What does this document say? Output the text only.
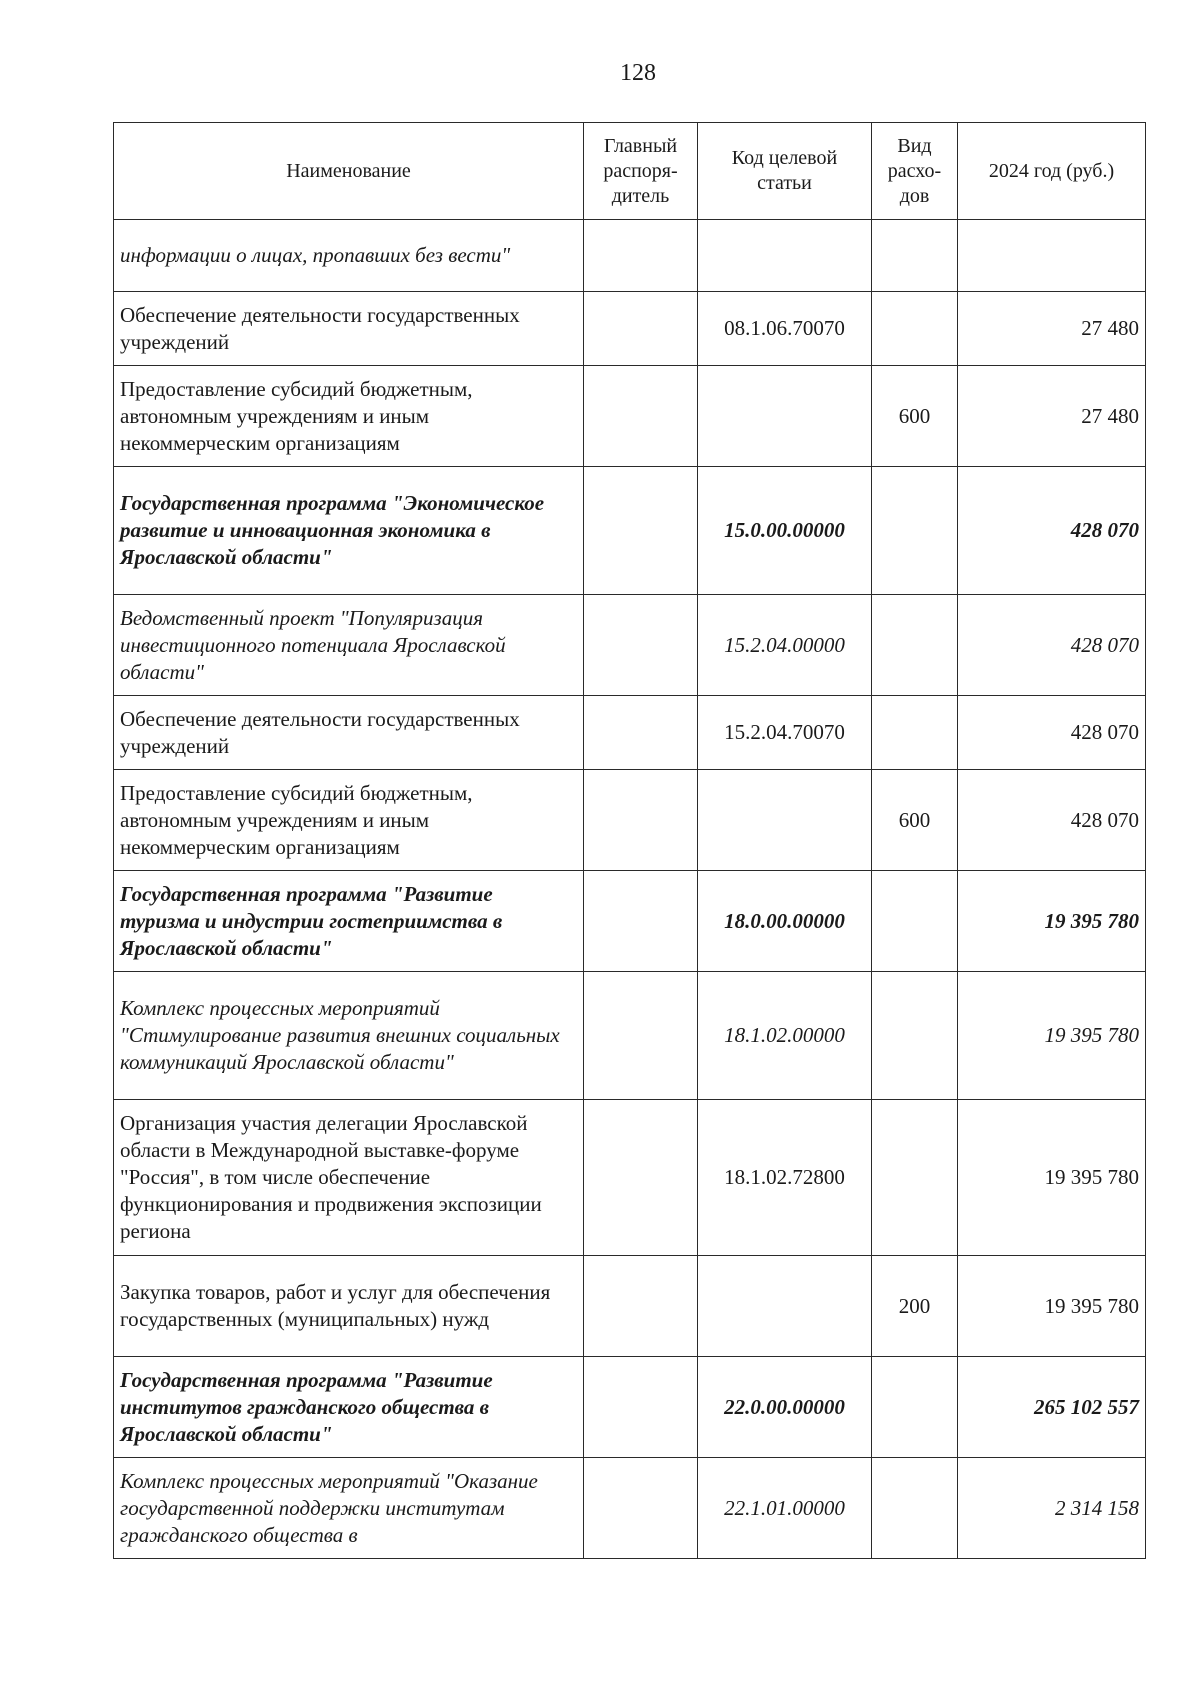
128
Наименование	Главный распоря-дитель	Код целевой статьи	Вид расхо-дов	2024 год (руб.)
информации о лицах, пропавших без вести"				
Обеспечение деятельности государственных учреждений		08.1.06.70070		27 480
Предоставление субсидий бюджетным, автономным учреждениям и иным некоммерческим организациям			600	27 480
Государственная программа "Экономическое развитие и инновационная экономика в Ярославской области"		15.0.00.00000		428 070
Ведомственный проект "Популяризация инвестиционного потенциала Ярославской области"		15.2.04.00000		428 070
Обеспечение деятельности государственных учреждений		15.2.04.70070		428 070
Предоставление субсидий бюджетным, автономным учреждениям и иным некоммерческим организациям			600	428 070
Государственная программа "Развитие туризма и индустрии гостеприимства в Ярославской области"		18.0.00.00000		19 395 780
Комплекс процессных мероприятий "Стимулирование развития внешних социальных коммуникаций Ярославской области"		18.1.02.00000		19 395 780
Организация участия делегации Ярославской области в Международной выставке-форуме "Россия", в том числе обеспечение функционирования и продвижения экспозиции региона		18.1.02.72800		19 395 780
Закупка товаров, работ и услуг для обеспечения государственных (муниципальных) нужд			200	19 395 780
Государственная программа "Развитие институтов гражданского общества в Ярославской области"		22.0.00.00000		265 102 557
Комплекс процессных мероприятий "Оказание государственной поддержки институтам гражданского общества в		22.1.01.00000		2 314 158
